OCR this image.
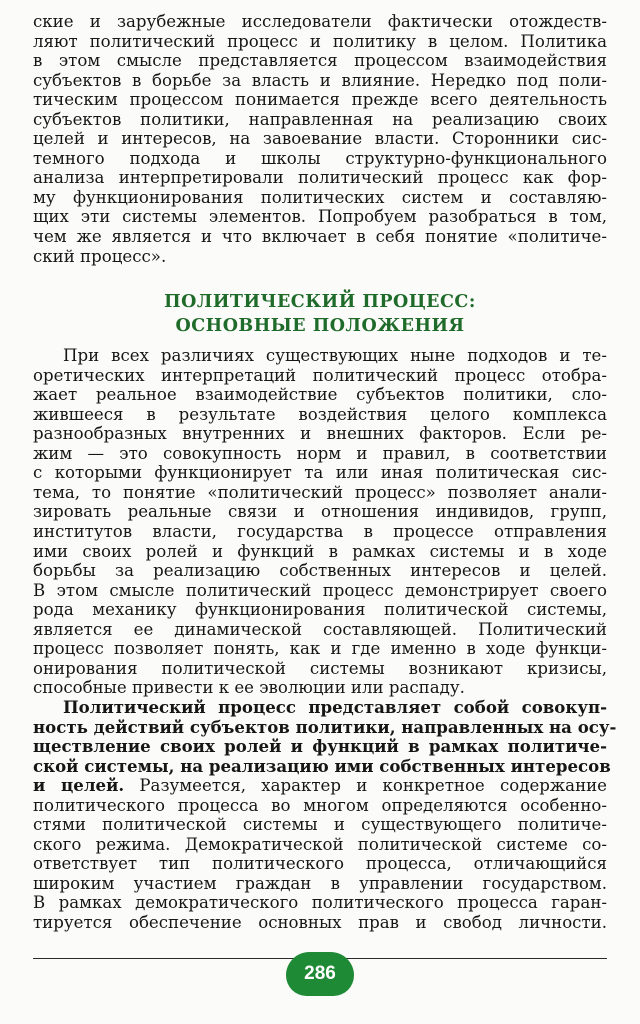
ские и зарубежные исследователи фактически отождеств-
ляют политический процесс и политику в целом. Политика
в этом смысле представляется процессом взаимодействия
субъектов в борьбе за власть и влияние. Нередко под поли-
тическим процессом понимается прежде всего деятельность
субъектов политики, направленная на реализацию своих
целей и интересов, на завоевание власти. Сторонники сис-
темного подхода и школы структурно-функционального
анализа интерпретировали политический процесс как фор-
му функционирования политических систем и составляю-
щих эти системы элементов. Попробуем разобраться в том,
чем же является и что включает в себя понятие «политиче-
ский процесс».
ПОЛИТИЧЕСКИЙ ПРОЦЕСС:
ОСНОВНЫЕ ПОЛОЖЕНИЯ
При всех различиях существующих ныне подходов и те-
оретических интерпретаций политический процесс отобра-
жает реальное взаимодействие субъектов политики, сло-
жившееся в результате воздействия целого комплекса
разнообразных внутренних и внешних факторов. Если ре-
жим — это совокупность норм и правил, в соответствии
с которыми функционирует та или иная политическая сис-
тема, то понятие «политический процесс» позволяет анали-
зировать реальные связи и отношения индивидов, групп,
институтов власти, государства в процессе отправления
ими своих ролей и функций в рамках системы и в ходе
борьбы за реализацию собственных интересов и целей.
В этом смысле политический процесс демонстрирует своего
рода механику функционирования политической системы,
является ее динамической составляющей. Политический
процесс позволяет понять, как и где именно в ходе функци-
онирования политической системы возникают кризисы,
способные привести к ее эволюции или распаду.
Политический процесс представляет собой совокуп-
ность действий субъектов политики, направленных на осу-
ществление своих ролей и функций в рамках политиче-
ской системы, на реализацию ими собственных интересов
и целей. Разумеется, характер и конкретное содержание
политического процесса во многом определяются особенно-
стями политической системы и существующего политиче-
ского режима. Демократической политической системе со-
ответствует тип политического процесса, отличающийся
широким участием граждан в управлении государством.
В рамках демократического политического процесса гаран-
тируется обеспечение основных прав и свобод личности.
286
